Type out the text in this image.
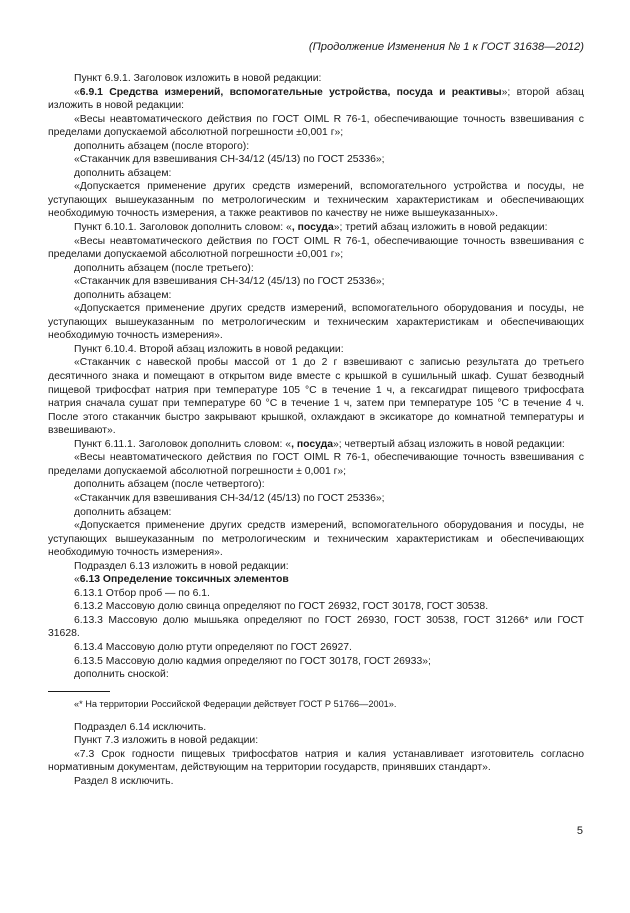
(Продолжение Изменения № 1 к ГОСТ 31638—2012)

Пункт 6.9.1. Заголовок изложить в новой редакции:

«6.9.1 Средства измерений, вспомогательные устройства, посуда и реактивы»; второй абзац изложить в новой редакции:

«Весы неавтоматического действия по ГОСТ OIML R 76-1, обеспечивающие точность взвешивания с пределами допускаемой абсолютной погрешности ±0,001 г»;

дополнить абзацем (после второго):

«Стаканчик для взвешивания СН-34/12 (45/13) по ГОСТ 25336»;

дополнить абзацем:

«Допускается применение других средств измерений, вспомогательного устройства и посуды, не уступающих вышеуказанным по метрологическим и техническим характеристикам и обеспечивающих необходимую точность измерения, а также реактивов по качеству не ниже вышеуказанных».

Пункт 6.10.1. Заголовок дополнить словом: «, посуда»; третий абзац изложить в новой редакции:

«Весы неавтоматического действия по ГОСТ OIML R 76-1, обеспечивающие точность взвешивания с пределами допускаемой абсолютной погрешности ±0,001 г»;

дополнить абзацем (после третьего):

«Стаканчик для взвешивания СН-34/12 (45/13) по ГОСТ 25336»;

дополнить абзацем:

«Допускается применение других средств измерений, вспомогательного оборудования и посуды, не уступающих вышеуказанным по метрологическим и техническим характеристикам и обеспечивающих необходимую точность измерения».

Пункт 6.10.4. Второй абзац изложить в новой редакции:

«Стаканчик с навеской пробы массой от 1 до 2 г взвешивают с записью результата до третьего десятичного знака и помещают в открытом виде вместе с крышкой в сушильный шкаф. Сушат безводный пищевой трифосфат натрия при температуре 105 °С в течение 1 ч, а гексагидрат пищевого трифосфата натрия сначала сушат при температуре 60 °С в течение 1 ч, затем при температуре 105 °С в течение 4 ч. После этого стаканчик быстро закрывают крышкой, охлаждают в эксикаторе до комнатной температуры и взвешивают».

Пункт 6.11.1. Заголовок дополнить словом: «, посуда»; четвертый абзац изложить в новой редакции:

«Весы неавтоматического действия по ГОСТ OIML R 76-1, обеспечивающие точность взвешивания с пределами допускаемой абсолютной погрешности ± 0,001 г»;

дополнить абзацем (после четвертого):

«Стаканчик для взвешивания СН-34/12 (45/13) по ГОСТ 25336»;

дополнить абзацем:

«Допускается применение других средств измерений, вспомогательного оборудования и посуды, не уступающих вышеуказанным по метрологическим и техническим характеристикам и обеспечивающих необходимую точность измерения».

Подраздел 6.13 изложить в новой редакции:

«6.13 Определение токсичных элементов

6.13.1 Отбор проб — по 6.1.

6.13.2 Массовую долю свинца определяют по ГОСТ 26932, ГОСТ 30178, ГОСТ 30538.

6.13.3 Массовую долю мышьяка определяют по ГОСТ 26930, ГОСТ 30538, ГОСТ 31266* или ГОСТ 31628.

6.13.4 Массовую долю ртути определяют по ГОСТ 26927.

6.13.5 Массовую долю кадмия определяют по ГОСТ 30178, ГОСТ 26933»;

дополнить сноской:

«* На территории Российской Федерации действует ГОСТ Р 51766—2001».

Подраздел 6.14 исключить.

Пункт 7.3 изложить в новой редакции:

«7.3 Срок годности пищевых трифосфатов натрия и калия устанавливает изготовитель согласно нормативным документам, действующим на территории государств, принявших стандарт».

Раздел 8 исключить.

5
